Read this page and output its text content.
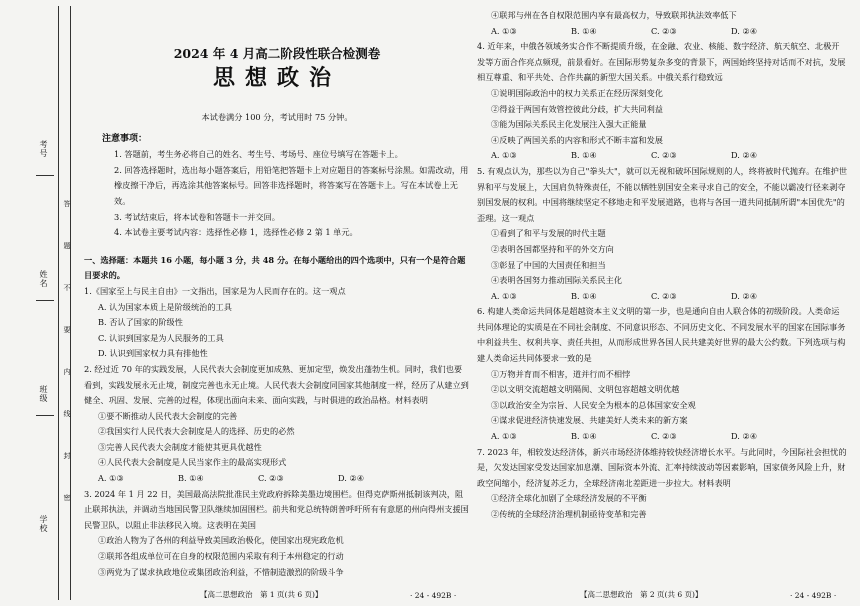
考号
姓名
班级
学校
答　题　不　要　内　线　封　密
2024 年 4 月高二阶段性联合检测卷
思想政治
本试卷满分 100 分，考试用时 75 分钟。
注意事项：
1. 答题前，考生务必将自己的姓名、考生号、考场号、座位号填写在答题卡上。
2. 回答选择题时，选出每小题答案后，用铅笔把答题卡上对应题目的答案标号涂黑。如需改动，用橡皮擦干净后，再选涂其他答案标号。回答非选择题时，将答案写在答题卡上。写在本试卷上无效。
3. 考试结束后，将本试卷和答题卡一并交回。
4. 本试卷主要考试内容：选择性必修 1，选择性必修 2 第 1 单元。
一、选择题：本题共 16 小题，每小题 3 分，共 48 分。在每小题给出的四个选项中，只有一个是符合题目要求的。
1.《国家至上与民主自由》一文指出，国家是为人民而存在的。这一观点
A. 认为国家本质上是阶级统治的工具
B. 否认了国家的阶级性
C. 认识到国家是为人民服务的工具
D. 认识到国家权力具有排他性
2. 经过近 70 年的实践发展，人民代表大会制度更加成熟、更加定型，焕发出蓬勃生机。同时，我们也要看到，实践发展永无止境，制度完善也永无止境。人民代表大会制度同国家其他制度一样，经历了从建立到健全、巩固、发展、完善的过程，体现出面向未来、面向实践，与时俱进的政治品格。材料表明
①要不断推动人民代表大会制度的完善
②我国实行人民代表大会制度是人的选择、历史的必然
③完善人民代表大会制度才能使其更具优越性
④人民代表大会制度是人民当家作主的最高实现形式
A. ①③	B. ①④	C. ②③	D. ②④
3. 2024 年 1 月 22 日，美国最高法院批准民主党政府拆除美墨边境围栏。但得克萨斯州抵制该判决，阻止联邦执法，并调动当地国民警卫队继续加固围栏。前共和党总统特朗普呼吁所有有意愿的州向得州支援国民警卫队，以阻止非法移民入境。这表明在美国
①政治人物为了各州的利益导致美国政治极化，使国家出现宪政危机
②联邦各组成单位可在自身的权限范围内采取有利于本州稳定的行动
③两党为了谋求执政地位或集团政治利益，不惜制造激烈的阶级斗争
④联邦与州在各自权限范围内享有最高权力，导致联邦执法效率低下
A. ①③	B. ①④	C. ②③	D. ②④
4. 近年来，中俄各领域务实合作不断提质升级，在金融、农业、核能、数字经济、航天航空、北极开发等方面合作亮点频现，前景看好。在国际形势复杂多变的背景下，两国始终坚持对话而不对抗，发展相互尊重、和平共处、合作共赢的新型大国关系。中俄关系行稳致远
①说明国际政治中的权力关系正在经历深刻变化
②得益于两国有效管控彼此分歧，扩大共同利益
③能为国际关系民主化发展注入强大正能量
④反映了两国关系的内容和形式不断丰富和发展
A. ①③	B. ①④	C. ②③	D. ②④
5. 有观点认为，那些以为自己"拳头大"，就可以无视和破坏国际规则的人，终将被时代抛弃。在维护世界和平与发展上，大国肩负特殊责任，不能以牺牲别国安全来寻求自己的安全，不能以霸凌行径来剥夺别国发展的权利。中国将继续坚定不移地走和平发展道路，也将与各国一道共同抵制所谓"本国优先"的歪理。这一观点
①看到了和平与发展的时代主题
②表明各国都坚持和平的外交方向
③彰显了中国的大国责任和担当
④表明各国努力推动国际关系民主化
A. ①③	B. ①④	C. ②③	D. ②④
6. 构建人类命运共同体是超越资本主义文明的第一步，也是通向自由人联合体的初级阶段。人类命运共同体理论的实质是在不同社会制度、不同意识形态、不同历史文化、不同发展水平的国家在国际事务中利益共生、权利共享、责任共担，从而形成世界各国人民共建美好世界的最大公约数。下列选项与构建人类命运共同体要求一致的是
①万物并育而不相害，道并行而不相悖
②以文明交流超越文明隔阂、文明包容超越文明优越
③以政治安全为宗旨、人民安全为根本的总体国家安全观
④谋求促进经济快速发展、共建美好人类未来的新方案
A. ①③	B. ①④	C. ②③	D. ②④
7. 2023 年，相较发达经济体，新兴市场经济体维持较快经济增长水平。与此同时，今国际社会担忧的是，欠发达国家受发达国家加息潮、国际资本外流、汇率持续波动等因素影响，国家债务风险上升，财政空间缩小，经济复苏乏力，全球经济南北差距进一步拉大。材料表明
①经济全球化加剧了全球经济发展的不平衡
②传统的全球经济治理机制亟待变革和完善
【高二思想政治　第 1 页(共 6 页)】	· 24 - 492B ·	【高二思想政治　第 2 页(共 6 页)】	· 24 - 492B ·
